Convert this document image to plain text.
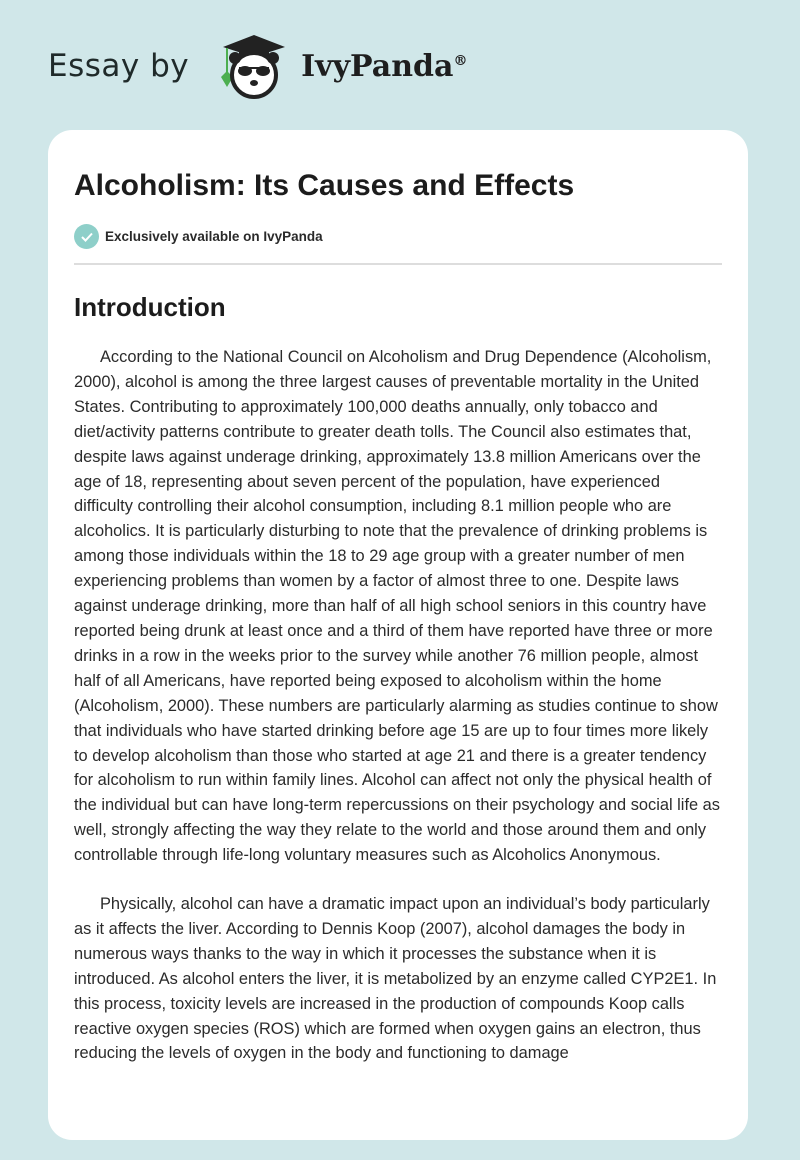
Essay by	IvyPanda®
Alcoholism: Its Causes and Effects
Exclusively available on IvyPanda
Introduction

According to the National Council on Alcoholism and Drug Dependence (Alcoholism, 2000), alcohol is among the three largest causes of preventable mortality in the United States. Contributing to approximately 100,000 deaths annually, only tobacco and diet/activity patterns contribute to greater death tolls. The Council also estimates that, despite laws against underage drinking, approximately 13.8 million Americans over the age of 18, representing about seven percent of the population, have experienced difficulty controlling their alcohol consumption, including 8.1 million people who are alcoholics. It is particularly disturbing to note that the prevalence of drinking problems is among those individuals within the 18 to 29 age group with a greater number of men experiencing problems than women by a factor of almost three to one. Despite laws against underage drinking, more than half of all high school seniors in this country have reported being drunk at least once and a third of them have reported have three or more drinks in a row in the weeks prior to the survey while another 76 million people, almost half of all Americans, have reported being exposed to alcoholism within the home (Alcoholism, 2000). These numbers are particularly alarming as studies continue to show that individuals who have started drinking before age 15 are up to four times more likely to develop alcoholism than those who started at age 21 and there is a greater tendency for alcoholism to run within family lines. Alcohol can affect not only the physical health of the individual but can have long-term repercussions on their psychology and social life as well, strongly affecting the way they relate to the world and those around them and only controllable through life-long voluntary measures such as Alcoholics Anonymous.

Physically, alcohol can have a dramatic impact upon an individual’s body particularly as it affects the liver. According to Dennis Koop (2007), alcohol damages the body in numerous ways thanks to the way in which it processes the substance when it is introduced. As alcohol enters the liver, it is metabolized by an enzyme called CYP2E1. In this process, toxicity levels are increased in the production of compounds Koop calls reactive oxygen species (ROS) which are formed when oxygen gains an electron, thus reducing the levels of oxygen in the body and functioning to damage
